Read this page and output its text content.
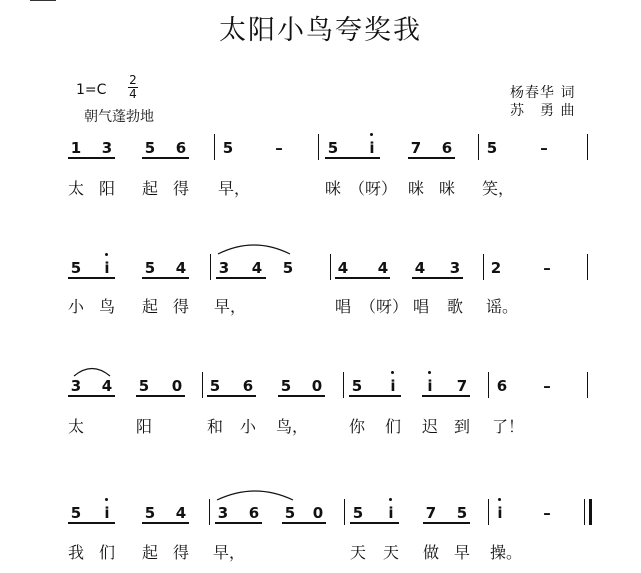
太阳小鸟夸奖我
1=C
2
4
朝气蓬勃地
杨春华 词
苏　勇 曲
1 3 5 6 5	–	5 i 7 6 5	–
太 阳 起 得 早，	咪 （呀） 咪 咪 笑，
5 i 5 4 3 4 5	4 4 4 3 2	–
小 鸟 起 得 早，	唱 （呀） 唱 歌 谣。
3 4 5 0 5 6 5 0 5 i i 7 6 –
太	阳	和 小 鸟，	你 们 迟 到 了！
5 i 5 4 3 6 5 0 5 i 7 5 i	–
我 们 起 得 早，	天 天 做 早 操。
